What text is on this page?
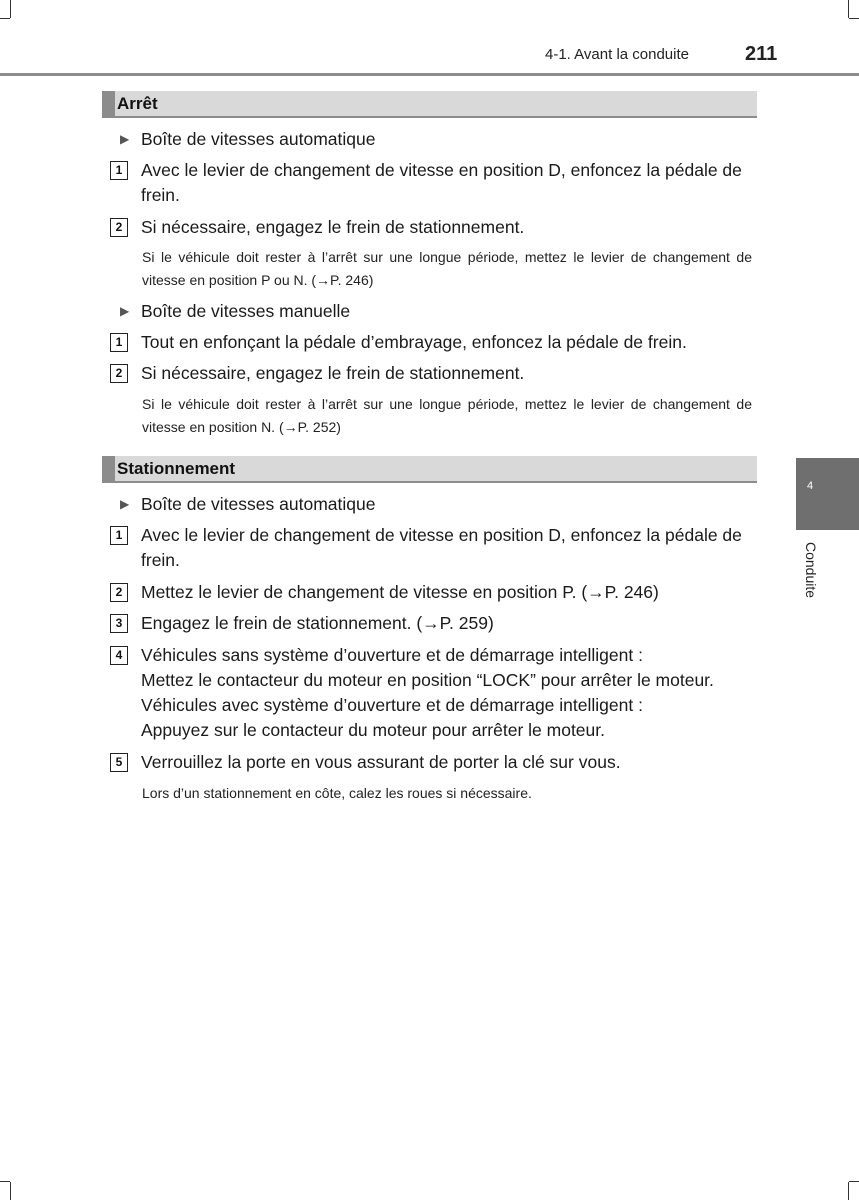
4-1. Avant la conduite	211
Arrêt
▶ Boîte de vitesses automatique
1	Avec le levier de changement de vitesse en position D, enfoncez la pédale de frein.
2	Si nécessaire, engagez le frein de stationnement.
Si le véhicule doit rester à l’arrêt sur une longue période, mettez le levier de changement de vitesse en position P ou N. (→P. 246)
▶ Boîte de vitesses manuelle
1	Tout en enfonçant la pédale d’embrayage, enfoncez la pédale de frein.
2	Si nécessaire, engagez le frein de stationnement.
Si le véhicule doit rester à l’arrêt sur une longue période, mettez le levier de changement de vitesse en position N. (→P. 252)
Stationnement
▶ Boîte de vitesses automatique
1	Avec le levier de changement de vitesse en position D, enfoncez la pédale de frein.
2	Mettez le levier de changement de vitesse en position P. (→P. 246)
3	Engagez le frein de stationnement. (→P. 259)
4	Véhicules sans système d’ouverture et de démarrage intelligent :
Mettez le contacteur du moteur en position “LOCK” pour arrêter le moteur.
Véhicules avec système d’ouverture et de démarrage intelligent :
Appuyez sur le contacteur du moteur pour arrêter le moteur.
5	Verrouillez la porte en vous assurant de porter la clé sur vous.
Lors d’un stationnement en côte, calez les roues si nécessaire.
4
Conduite
